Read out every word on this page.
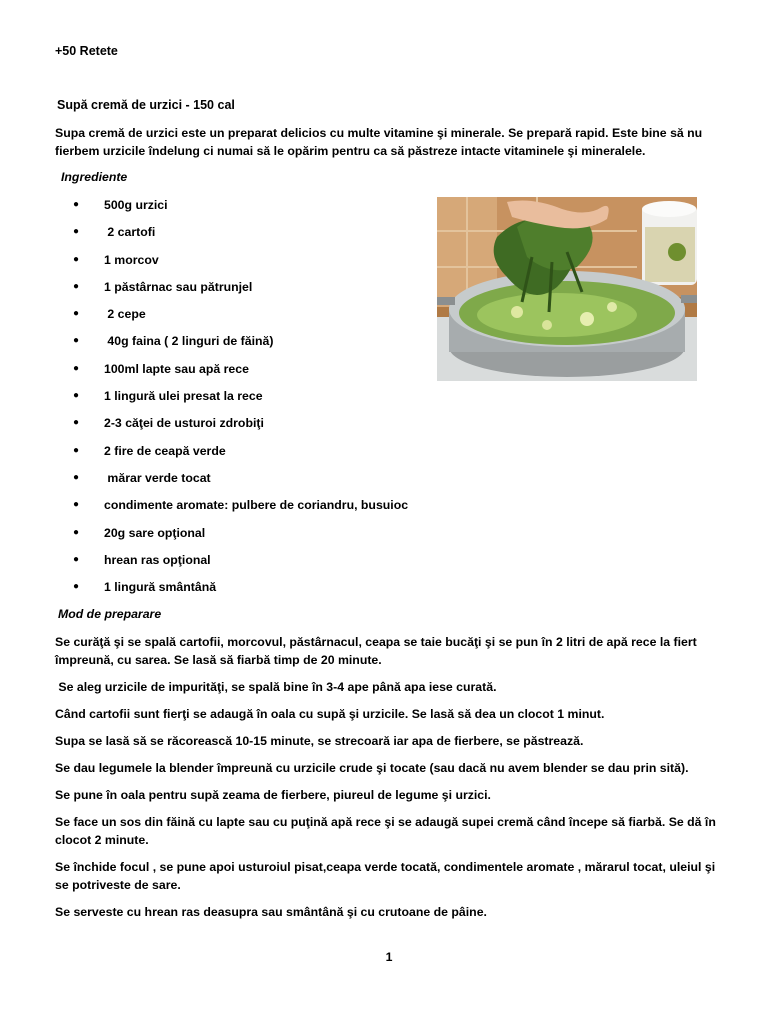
+50 Retete
Supă cremă de urzici - 150 cal
Supa cremă de urzici este un preparat delicios cu multe vitamine şi minerale. Se prepară rapid. Este bine să nu fierbem urzicile îndelung ci numai să le opărim pentru ca să păstreze intacte vitaminele şi mineralele.
Ingrediente
● 500g urzici
● 2 cartofi
● 1 morcov
● 1 păstârnac sau pătrunjel
● 2 cepe
● 40g faina ( 2 linguri de făină)
● 100ml lapte sau apă rece
● 1 lingură ulei presat la rece
● 2-3 căţei de usturoi zdrobiţi
● 2 fire de ceapă verde
● mărar verde tocat
● condimente aromate: pulbere de coriandru, busuioc
● 20g sare opţional
● hrean ras opţional
● 1 lingură smântână
Mod de preparare

Se curăţă şi se spală cartofii, morcovul, păstârnacul, ceapa se taie bucăţi şi se pun în 2 litri de apă rece la fiert împreună, cu sarea. Se lasă să fiarbă timp de 20 minute.

Se aleg urzicile de impurităţi, se spală bine în 3-4 ape până apa iese curată.

Când cartofii sunt fierţi se adaugă în oala cu supă şi urzicile. Se lasă să dea un clocot 1 minut.

Supa se lasă să se răcorească 10-15 minute, se strecoară iar apa de fierbere, se păstrează.

Se dau legumele la blender împreună cu urzicile crude şi tocate (sau dacă nu avem blender se dau prin sită).

Se pune în oala pentru supă zeama de fierbere, piureul de legume şi urzici.

Se face un sos din făină cu lapte sau cu puţină apă rece şi se adaugă supei cremă când începe să fiarbă. Se dă în clocot 2 minute.

Se închide focul , se pune apoi usturoiul pisat,ceapa verde tocată, condimentele aromate , mărarul tocat, uleiul şi se potriveste de sare.

Se serveste cu hrean ras deasupra sau smântână şi cu crutoane de pâine.

1
